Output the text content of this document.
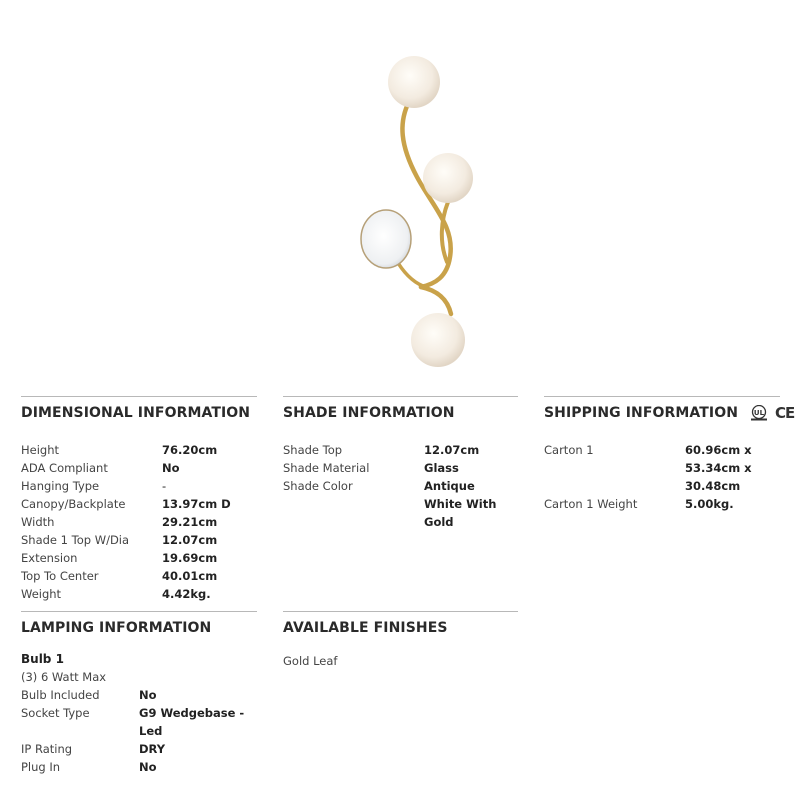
DIMENSIONAL INFORMATION
Height	76.20cm
ADA Compliant	No
Hanging Type	-
Canopy/Backplate	13.97cm D
Width	29.21cm
Shade 1 Top W/Dia	12.07cm
Extension	19.69cm
Top To Center	40.01cm
Weight	4.42kg.
SHADE INFORMATION
Shade Top	12.07cm
Shade Material	Glass
Shade Color	Antique White With Gold
SHIPPING INFORMATION UL CE
Carton 1	60.96cm x 53.34cm x 30.48cm
Carton 1 Weight	5.00kg.
LAMPING INFORMATION
Bulb 1
(3) 6 Watt Max
Bulb Included	No
Socket Type	G9 Wedgebase - Led
IP Rating	DRY
Plug In	No
AVAILABLE FINISHES
Gold Leaf
